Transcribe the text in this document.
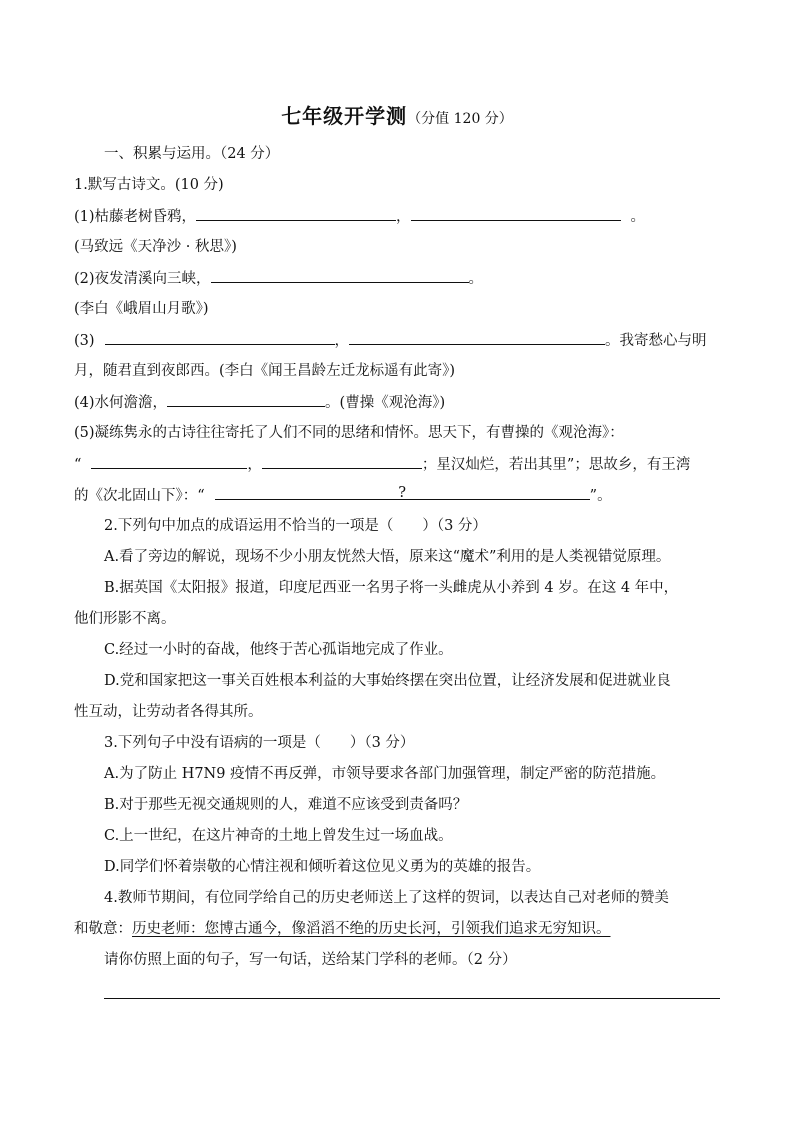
七年级开学测（分值 120 分）
一、积累与运用。（24 分）
1.默写古诗文。(10 分)
(1)枯藤老树昏鸦，	，	。
(马致远《天净沙 · 秋思》)
(2)夜发清溪向三峡，	。
(李白《峨眉山月歌》)
(3)	，	。我寄愁心与明
月，随君直到夜郎西。(李白《闻王昌龄左迁龙标遥有此寄》)
(4)水何澹澹，	。(曹操《观沧海》)
(5)凝练隽永的古诗往往寄托了人们不同的思绪和情怀。思天下，有曹操的《观沧海》：
“	，	；星汉灿烂，若出其里”；思故乡，有王湾
的《次北固山下》：“	?	”。
2.下列句中加点的成语运用不恰当的一项是（　　）（3 分）
A.看了旁边的解说，现场不少小朋友恍然大悟，原来这“魔术”利用的是人类视错觉原理。
B.据英国《太阳报》报道，印度尼西亚一名男子将一头雌虎从小养到 4 岁。在这 4 年中，
他们形影不离。
C.经过一小时的奋战，他终于苦心孤诣地完成了作业。
D.党和国家把这一事关百姓根本利益的大事始终摆在突出位置，让经济发展和促进就业良
性互动，让劳动者各得其所。
3.下列句子中没有语病的一项是（　　）（3 分）
A.为了防止 H7N9 疫情不再反弹，市领导要求各部门加强管理，制定严密的防范措施。
B.对于那些无视交通规则的人，难道不应该受到责备吗？
C.上一世纪，在这片神奇的土地上曾发生过一场血战。
D.同学们怀着崇敬的心情注视和倾听着这位见义勇为的英雄的报告。
4.教师节期间，有位同学给自己的历史老师送上了这样的贺词，以表达自己对老师的赞美
和敬意：历史老师：您博古通今，像滔滔不绝的历史长河，引领我们追求无穷知识。
请你仿照上面的句子，写一句话，送给某门学科的老师。（2 分）
